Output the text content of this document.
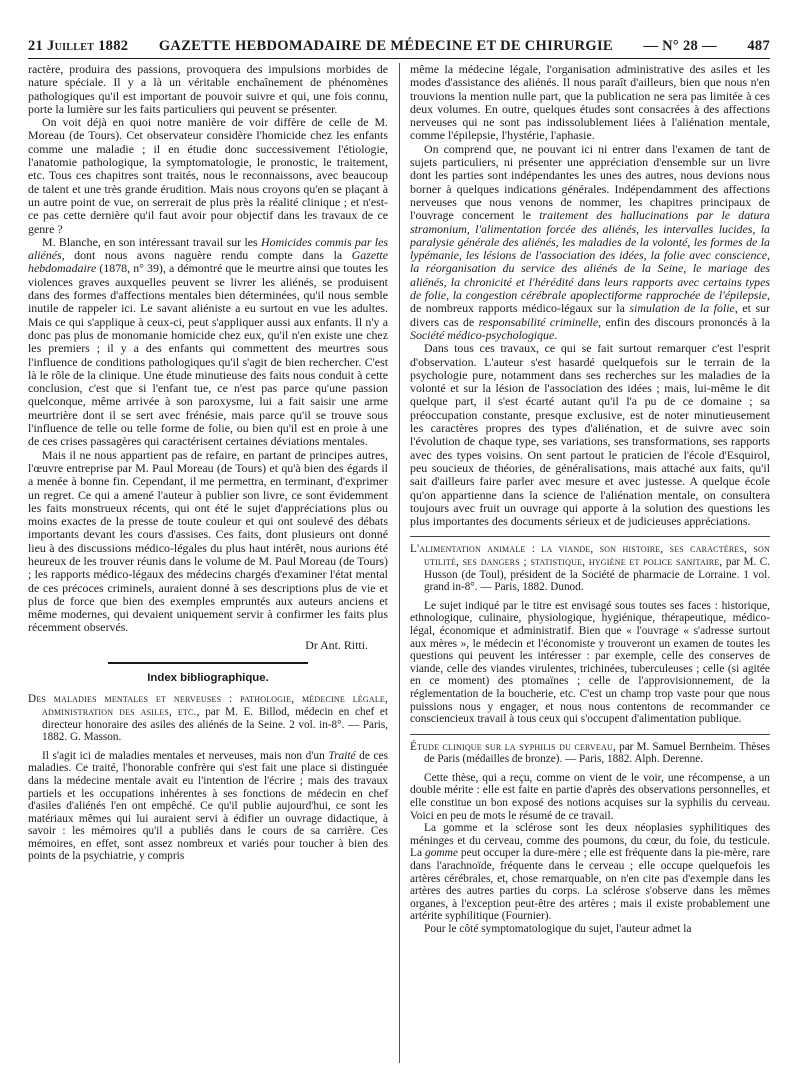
21 Juillet 1882 GAZETTE HEBDOMADAIRE DE MÉDECINE ET DE CHIRURGIE — N° 28 — 487

ractère, produira des passions, provoquera des impulsions morbides de nature spéciale. Il y a là un véritable enchaînement de phénomènes pathologiques qu'il est important de pouvoir suivre et qui, une fois connu, porte la lumière sur les faits particuliers qui peuvent se présenter.

On voit déjà en quoi notre manière de voir diffère de celle de M. Moreau (de Tours). Cet observateur considère l'homicide chez les enfants comme une maladie ; il en étudie donc successivement l'étiologie, l'anatomie pathologique, la symptomatologie, le pronostic, le traitement, etc. Tous ces chapitres sont traités, nous le reconnaissons, avec beaucoup de talent et une très grande érudition. Mais nous croyons qu'en se plaçant à un autre point de vue, on serrerait de plus près la réalité clinique ; et n'est-ce pas cette dernière qu'il faut avoir pour objectif dans les travaux de ce genre ?

M. Blanche, en son intéressant travail sur les Homicides commis par les aliénés, dont nous avons naguère rendu compte dans la Gazette hebdomadaire (1878, n° 39), a démontré que le meurtre ainsi que toutes les violences graves auxquelles peuvent se livrer les aliénés, se produisent dans des formes d'affections mentales bien déterminées, qu'il nous semble inutile de rappeler ici. Le savant aliéniste a eu surtout en vue les adultes. Mais ce qui s'applique à ceux-ci, peut s'appliquer aussi aux enfants. Il n'y a donc pas plus de monomanie homicide chez eux, qu'il n'en existe une chez les premiers ; il y a des enfants qui commettent des meurtres sous l'influence de conditions pathologiques qu'il s'agit de bien rechercher. C'est là le rôle de la clinique. Une étude minutieuse des faits nous conduit à cette conclusion, c'est que si l'enfant tue, ce n'est pas parce qu'une passion quelconque, même arrivée à son paroxysme, lui a fait saisir une arme meurtrière dont il se sert avec frénésie, mais parce qu'il se trouve sous l'influence de telle ou telle forme de folie, ou bien qu'il est en proie à une de ces crises passagères qui caractérisent certaines déviations mentales.

Mais il ne nous appartient pas de refaire, en partant de principes autres, l'œuvre entreprise par M. Paul Moreau (de Tours) et qu'à bien des égards il a menée à bonne fin. Cependant, il me permettra, en terminant, d'exprimer un regret. Ce qui a amené l'auteur à publier son livre, ce sont évidemment les faits monstrueux récents, qui ont été le sujet d'appréciations plus ou moins exactes de la presse de toute couleur et qui ont soulevé des débats importants devant les cours d'assises. Ces faits, dont plusieurs ont donné lieu à des discussions médico-légales du plus haut intérêt, nous aurions été heureux de les trouver réunis dans le volume de M. Paul Moreau (de Tours) ; les rapports médico-légaux des médecins chargés d'examiner l'état mental de ces précoces criminels, auraient donné à ses descriptions plus de vie et plus de force que bien des exemples empruntés aux auteurs anciens et même modernes, qui devaient uniquement servir à confirmer les faits plus récemment observés.

Dr Ant. Ritti.
Index bibliographique.
Des maladies mentales et nerveuses : pathologie, médecine légale, administration des asiles, etc., par M. E. Billod, médecin en chef et directeur honoraire des asiles des aliénés de la Seine. 2 vol. in-8°. — Paris, 1882. G. Masson.

Il s'agit ici de maladies mentales et nerveuses, mais non d'un Traité de ces maladies. Ce traité, l'honorable confrère qui s'est fait une place si distinguée dans la médecine mentale avait eu l'intention de l'écrire ; mais des travaux partiels et les occupations inhérentes à ses fonctions de médecin en chef d'asiles d'aliénés l'en ont empêché. Ce qu'il publie aujourd'hui, ce sont les matériaux mêmes qui lui auraient servi à édifier un ouvrage didactique, à savoir : les mémoires qu'il a publiés dans le cours de sa carrière. Ces mémoires, en effet, sont assez nombreux et variés pour toucher à bien des points de la psychiatrie, y compris

même la médecine légale, l'organisation administrative des asiles et les modes d'assistance des aliénés. Il nous paraît d'ailleurs, bien que nous n'en trouvions la mention nulle part, que la publication ne sera pas limitée à ces deux volumes. En outre, quelques études sont consacrées à des affections nerveuses qui ne sont pas indissolublement liées à l'aliénation mentale, comme l'épilepsie, l'hystérie, l'aphasie.

On comprend que, ne pouvant ici ni entrer dans l'examen de tant de sujets particuliers, ni présenter une appréciation d'ensemble sur un livre dont les parties sont indépendantes les unes des autres, nous devions nous borner à quelques indications générales. Indépendamment des affections nerveuses que nous venons de nommer, les chapitres principaux de l'ouvrage concernent le traitement des hallucinations par le datura stramonium, l'alimentation forcée des aliénés, les intervalles lucides, la paralysie générale des aliénés, les maladies de la volonté, les formes de la lypémanie, les lésions de l'association des idées, la folie avec conscience, la réorganisation du service des aliénés de la Seine, le mariage des aliénés, la chronicité et l'hérédité dans leurs rapports avec certains types de folie, la congestion cérébrale apoplectiforme rapprochée de l'épilepsie, de nombreux rapports médico-légaux sur la simulation de la folie, et sur divers cas de responsabilité criminelle, enfin des discours prononcés à la Société médico-psychologique.

Dans tous ces travaux, ce qui se fait surtout remarquer c'est l'esprit d'observation. L'auteur s'est hasardé quelquefois sur le terrain de la psychologie pure, notamment dans ses recherches sur les maladies de la volonté et sur la lésion de l'association des idées ; mais, lui-même le dit quelque part, il s'est écarté autant qu'il l'a pu de ce domaine ; sa préoccupation constante, presque exclusive, est de noter minutieusement les caractères propres des types d'aliénation, et de suivre avec soin l'évolution de chaque type, ses variations, ses transformations, ses rapports avec des types voisins. On sent partout le praticien de l'école d'Esquirol, peu soucieux de théories, de généralisations, mais attaché aux faits, qu'il sait d'ailleurs faire parler avec mesure et avec justesse. A quelque école qu'on appartienne dans la science de l'aliénation mentale, on consultera toujours avec fruit un ouvrage qui apporte à la solution des questions les plus importantes des documents sérieux et de judicieuses appréciations.

L'alimentation animale : la viande, son histoire, ses caractères, son utilité, ses dangers ; statistique, hygiène et police sanitaire, par M. C. Husson (de Toul), président de la Société de pharmacie de Lorraine. 1 vol. grand in-8°. — Paris, 1882. Dunod.

Le sujet indiqué par le titre est envisagé sous toutes ses faces : historique, ethnologique, culinaire, physiologique, hygiénique, thérapeutique, médico-légal, économique et administratif. Bien que « l'ouvrage « s'adresse surtout aux mères », le médecin et l'économiste y trouveront un examen de toutes les questions qui peuvent les intéresser : par exemple, celle des conserves de viande, celle des viandes virulentes, trichinées, tuberculeuses ; celle (si agitée en ce moment) des ptomaïnes ; celle de l'approvisionnement, de la réglementation de la boucherie, etc. C'est un champ trop vaste pour que nous puissions nous y engager, et nous nous contentons de recommander ce consciencieux travail à tous ceux qui s'occupent d'alimentation publique.

Étude clinique sur la syphilis du cerveau, par M. Samuel Bernheim. Thèses de Paris (médailles de bronze). — Paris, 1882. Alph. Derenne.

Cette thèse, qui a reçu, comme on vient de le voir, une récompense, a un double mérite : elle est faite en partie d'après des observations personnelles, et elle constitue un bon exposé des notions acquises sur la syphilis du cerveau. Voici en peu de mots le résumé de ce travail.

La gomme et la sclérose sont les deux néoplasies syphilitiques des méninges et du cerveau, comme des poumons, du cœur, du foie, du testicule. La gomme peut occuper la dure-mère ; elle est fréquente dans la pie-mère, rare dans l'arachnoïde, fréquente dans le cerveau ; elle occupe quelquefois les artères cérébrales, et, chose remarquable, on n'en cite pas d'exemple dans les artères des autres parties du corps. La sclérose s'observe dans les mêmes organes, à l'exception peut-être des artères ; mais il existe probablement une artérite syphilitique (Fournier).

Pour le côté symptomatologique du sujet, l'auteur admet la
